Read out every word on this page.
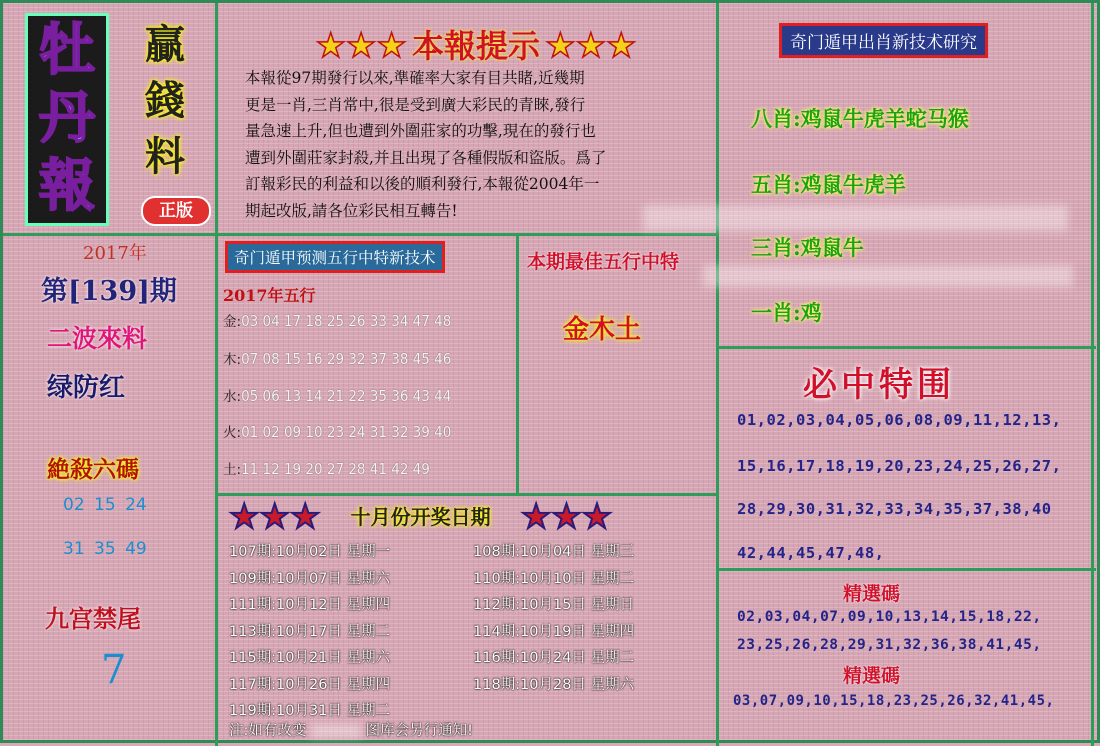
牡
丹
報
贏
錢
料
正版
★★★ 本報提示 ★★★
本報從97期發行以來,準確率大家有目共睹,近幾期
更是一肖,三肖常中,很是受到廣大彩民的青睞,發行
量急速上升,但也遭到外圍莊家的功擊,現在的發行也
遭到外圍莊家封殺,并且出現了各種假版和盜版。爲了
訂報彩民的利益和以後的順利發行,本報從2004年一
期起改版,請各位彩民相互轉告!
奇门遁甲出肖新技术研究
八肖:鸡鼠牛虎羊蛇马猴
五肖:鸡鼠牛虎羊
三肖:鸡鼠牛
一肖:鸡
2017年
第[139]期
二波來料
绿防红
絶殺六碼
02 15 24
31 35 49
九宫禁尾
7
奇门遁甲预测五行中特新技术
2017年五行
金:03 04 17 18 25 26 33 34 47 48
木:07 08 15 16 29 32 37 38 45 46
水:05 06 13 14 21 22 35 36 43 44
火:01 02 09 10 23 24 31 32 39 40
土:11 12 19 20 27 28 41 42 49
本期最佳五行中特
金木土
必中特围
01,02,03,04,05,06,08,09,11,12,13,
15,16,17,18,19,20,23,24,25,26,27,
28,29,30,31,32,33,34,35,37,38,40
42,44,45,47,48,
精選碼
02,03,04,07,09,10,13,14,15,18,22,
23,25,26,28,29,31,32,36,38,41,45,
精選碼
03,07,09,10,15,18,23,25,26,32,41,45,
★★★ 十月份开奖日期 ★★★
107期:10月02日 星期一
109期:10月07日 星期六
111期:10月12日 星期四
113期:10月17日 星期二
115期:10月21日 星期六
117期:10月26日 星期四
119期:10月31日 星期二
108期:10月04日 星期三
110期:10月10日 星期二
112期:10月15日 星期日
114期:10月19日 星期四
116期:10月24日 星期二
118期:10月28日 星期六
注:如有改变	图库会另行通知!
